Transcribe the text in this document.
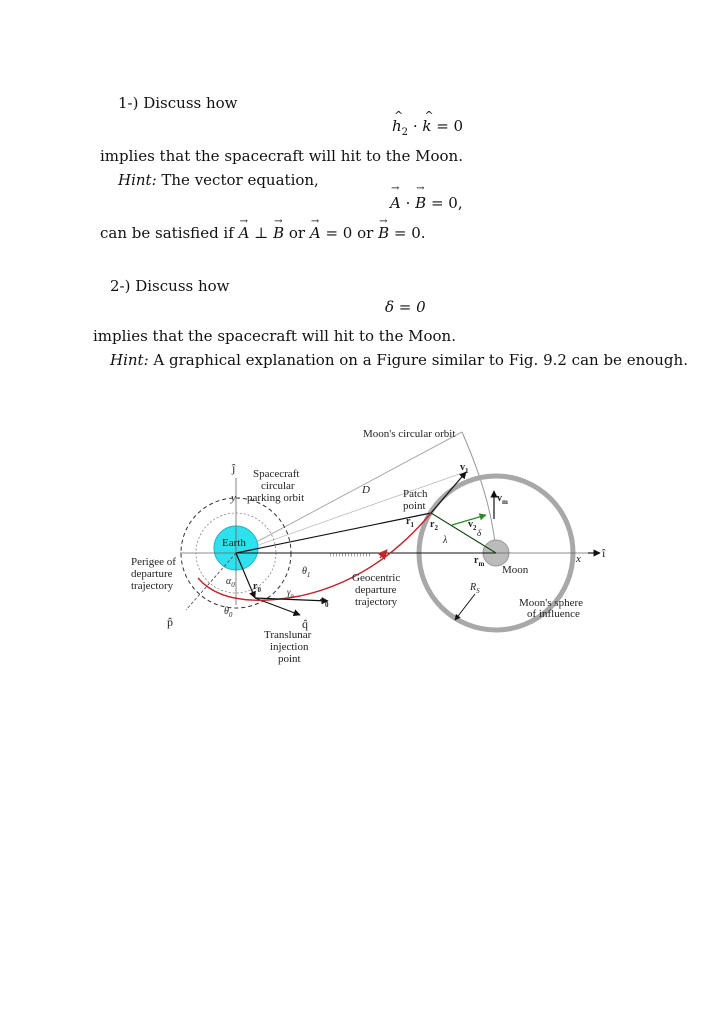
1-) Discuss how
^ $h_2$ · ^ k = 0
implies that the spacecraft will hit to the Moon.
Hint: The vector equation,
→ A · → B = 0,
can be satisfied if → A ⊥ → B or → A = 0 or → B = 0.
2-) Discuss how
δ = 0
implies that the spacecraft will hit to the Moon.
Hint: A graphical explanation on a Figure similar to Fig. 9.2 can be enough.
Moon's circular orbit
Spacecraft
circular
parking orbit
Earth
Perigee of
departure
trajectory
Patch
point
Geocentric
departure
trajectory
Moon
Moon's sphere
of influence
Translunar
injection
point
ĵ
î
p̂	q̂
y
x
D
$v_1$
$v_m$
$v_2$
$v_0$
$r_0$
$r_1$ $r_2$
$r_m$
$R_S$
λ
δ
$\theta_1$
$\theta_0$
$\alpha_0$
$\gamma_0$
